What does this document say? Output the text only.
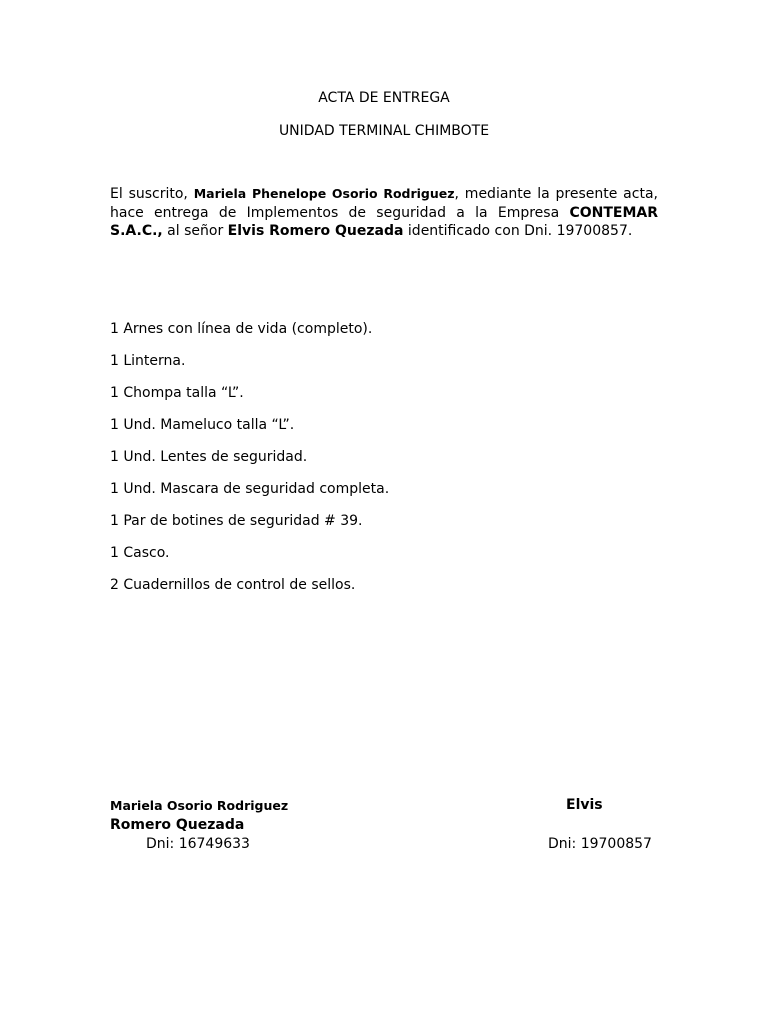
ACTA DE ENTREGA
UNIDAD TERMINAL CHIMBOTE
El suscrito, Mariela Phenelope Osorio Rodriguez, mediante la presente acta, hace entrega de Implementos de seguridad a la Empresa CONTEMAR S.A.C., al señor Elvis Romero Quezada identificado con Dni. 19700857.
1 Arnes con línea de vida (completo).
1 Linterna.
1 Chompa talla “L”.
1 Und. Mameluco talla “L”.
1 Und. Lentes de seguridad.
1 Und. Mascara de seguridad completa.
1 Par de botines de seguridad # 39.
1 Casco.
2 Cuadernillos de control de sellos.
Mariela Osorio Rodriguez	Elvis
Romero Quezada
Dni: 16749633	Dni: 19700857
